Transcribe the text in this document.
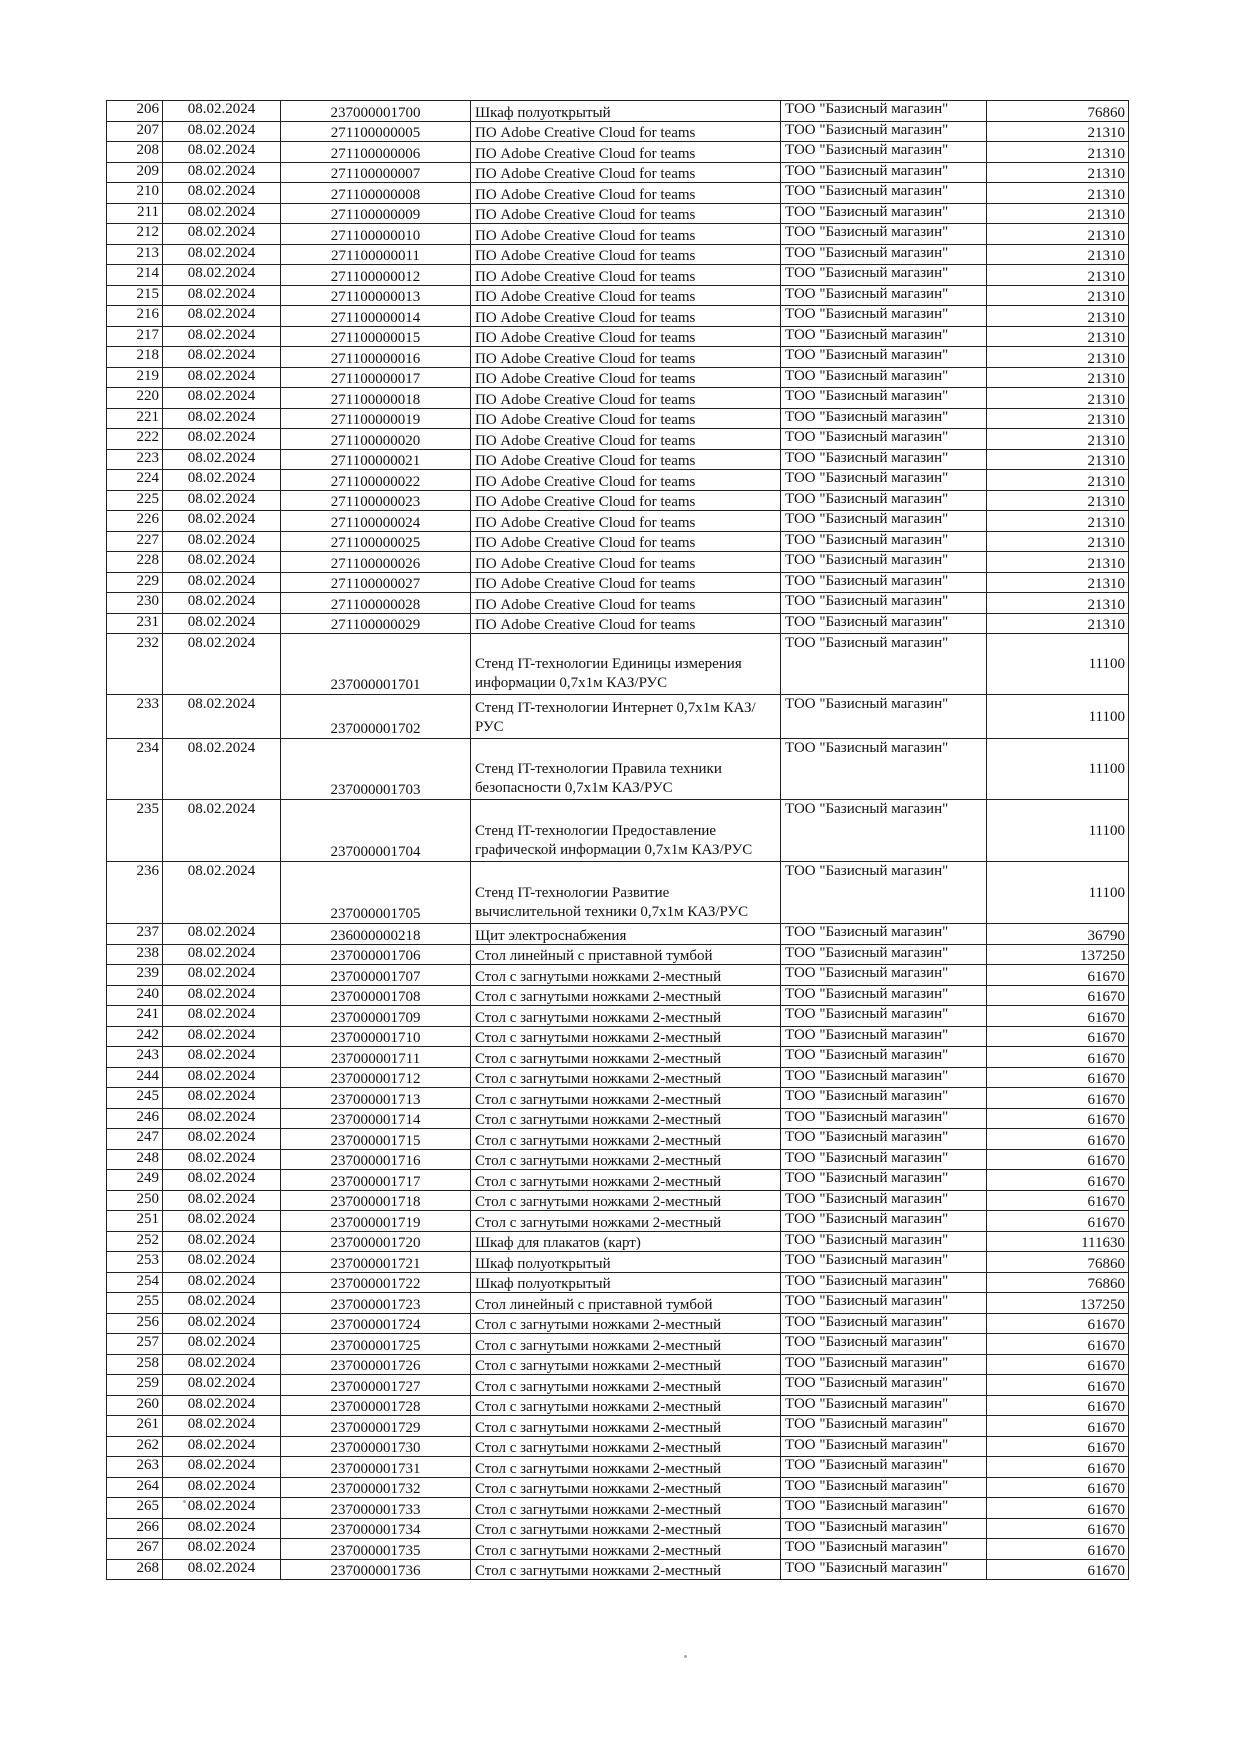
206	08.02.2024	237000001700	Шкаф полуоткрытый	ТОО "Базисный магазин"	76860
207	08.02.2024	271100000005	ПО Adobe Creative Cloud for teams	ТОО "Базисный магазин"	21310
208	08.02.2024	271100000006	ПО Adobe Creative Cloud for teams	ТОО "Базисный магазин"	21310
209	08.02.2024	271100000007	ПО Adobe Creative Cloud for teams	ТОО "Базисный магазин"	21310
210	08.02.2024	271100000008	ПО Adobe Creative Cloud for teams	ТОО "Базисный магазин"	21310
211	08.02.2024	271100000009	ПО Adobe Creative Cloud for teams	ТОО "Базисный магазин"	21310
212	08.02.2024	271100000010	ПО Adobe Creative Cloud for teams	ТОО "Базисный магазин"	21310
213	08.02.2024	271100000011	ПО Adobe Creative Cloud for teams	ТОО "Базисный магазин"	21310
214	08.02.2024	271100000012	ПО Adobe Creative Cloud for teams	ТОО "Базисный магазин"	21310
215	08.02.2024	271100000013	ПО Adobe Creative Cloud for teams	ТОО "Базисный магазин"	21310
216	08.02.2024	271100000014	ПО Adobe Creative Cloud for teams	ТОО "Базисный магазин"	21310
217	08.02.2024	271100000015	ПО Adobe Creative Cloud for teams	ТОО "Базисный магазин"	21310
218	08.02.2024	271100000016	ПО Adobe Creative Cloud for teams	ТОО "Базисный магазин"	21310
219	08.02.2024	271100000017	ПО Adobe Creative Cloud for teams	ТОО "Базисный магазин"	21310
220	08.02.2024	271100000018	ПО Adobe Creative Cloud for teams	ТОО "Базисный магазин"	21310
221	08.02.2024	271100000019	ПО Adobe Creative Cloud for teams	ТОО "Базисный магазин"	21310
222	08.02.2024	271100000020	ПО Adobe Creative Cloud for teams	ТОО "Базисный магазин"	21310
223	08.02.2024	271100000021	ПО Adobe Creative Cloud for teams	ТОО "Базисный магазин"	21310
224	08.02.2024	271100000022	ПО Adobe Creative Cloud for teams	ТОО "Базисный магазин"	21310
225	08.02.2024	271100000023	ПО Adobe Creative Cloud for teams	ТОО "Базисный магазин"	21310
226	08.02.2024	271100000024	ПО Adobe Creative Cloud for teams	ТОО "Базисный магазин"	21310
227	08.02.2024	271100000025	ПО Adobe Creative Cloud for teams	ТОО "Базисный магазин"	21310
228	08.02.2024	271100000026	ПО Adobe Creative Cloud for teams	ТОО "Базисный магазин"	21310
229	08.02.2024	271100000027	ПО Adobe Creative Cloud for teams	ТОО "Базисный магазин"	21310
230	08.02.2024	271100000028	ПО Adobe Creative Cloud for teams	ТОО "Базисный магазин"	21310
231	08.02.2024	271100000029	ПО Adobe Creative Cloud for teams	ТОО "Базисный магазин"	21310
232	08.02.2024	237000001701	Стенд IT-технологии Единицы измерения информации 0,7х1м КАЗ/РУС	ТОО "Базисный магазин"	11100
233	08.02.2024	237000001702	Стенд IT-технологии Интернет 0,7х1м КАЗ/РУС	ТОО "Базисный магазин"	11100
234	08.02.2024	237000001703	Стенд IT-технологии Правила техники безопасности 0,7х1м КАЗ/РУС	ТОО "Базисный магазин"	11100
235	08.02.2024	237000001704	Стенд IT-технологии Предоставление графической информации 0,7х1м КАЗ/РУС	ТОО "Базисный магазин"	11100
236	08.02.2024	237000001705	Стенд IT-технологии Развитие вычислительной техники 0,7х1м КАЗ/РУС	ТОО "Базисный магазин"	11100
237	08.02.2024	236000000218	Щит электроснабжения	ТОО "Базисный магазин"	36790
238	08.02.2024	237000001706	Стол линейный с приставной тумбой	ТОО "Базисный магазин"	137250
239	08.02.2024	237000001707	Стол с загнутыми ножками 2-местный	ТОО "Базисный магазин"	61670
240	08.02.2024	237000001708	Стол с загнутыми ножками 2-местный	ТОО "Базисный магазин"	61670
241	08.02.2024	237000001709	Стол с загнутыми ножками 2-местный	ТОО "Базисный магазин"	61670
242	08.02.2024	237000001710	Стол с загнутыми ножками 2-местный	ТОО "Базисный магазин"	61670
243	08.02.2024	237000001711	Стол с загнутыми ножками 2-местный	ТОО "Базисный магазин"	61670
244	08.02.2024	237000001712	Стол с загнутыми ножками 2-местный	ТОО "Базисный магазин"	61670
245	08.02.2024	237000001713	Стол с загнутыми ножками 2-местный	ТОО "Базисный магазин"	61670
246	08.02.2024	237000001714	Стол с загнутыми ножками 2-местный	ТОО "Базисный магазин"	61670
247	08.02.2024	237000001715	Стол с загнутыми ножками 2-местный	ТОО "Базисный магазин"	61670
248	08.02.2024	237000001716	Стол с загнутыми ножками 2-местный	ТОО "Базисный магазин"	61670
249	08.02.2024	237000001717	Стол с загнутыми ножками 2-местный	ТОО "Базисный магазин"	61670
250	08.02.2024	237000001718	Стол с загнутыми ножками 2-местный	ТОО "Базисный магазин"	61670
251	08.02.2024	237000001719	Стол с загнутыми ножками 2-местный	ТОО "Базисный магазин"	61670
252	08.02.2024	237000001720	Шкаф для плакатов (карт)	ТОО "Базисный магазин"	111630
253	08.02.2024	237000001721	Шкаф полуоткрытый	ТОО "Базисный магазин"	76860
254	08.02.2024	237000001722	Шкаф полуоткрытый	ТОО "Базисный магазин"	76860
255	08.02.2024	237000001723	Стол линейный с приставной тумбой	ТОО "Базисный магазин"	137250
256	08.02.2024	237000001724	Стол с загнутыми ножками 2-местный	ТОО "Базисный магазин"	61670
257	08.02.2024	237000001725	Стол с загнутыми ножками 2-местный	ТОО "Базисный магазин"	61670
258	08.02.2024	237000001726	Стол с загнутыми ножками 2-местный	ТОО "Базисный магазин"	61670
259	08.02.2024	237000001727	Стол с загнутыми ножками 2-местный	ТОО "Базисный магазин"	61670
260	08.02.2024	237000001728	Стол с загнутыми ножками 2-местный	ТОО "Базисный магазин"	61670
261	08.02.2024	237000001729	Стол с загнутыми ножками 2-местный	ТОО "Базисный магазин"	61670
262	08.02.2024	237000001730	Стол с загнутыми ножками 2-местный	ТОО "Базисный магазин"	61670
263	08.02.2024	237000001731	Стол с загнутыми ножками 2-местный	ТОО "Базисный магазин"	61670
264	08.02.2024	237000001732	Стол с загнутыми ножками 2-местный	ТОО "Базисный магазин"	61670
265	08.02.2024	237000001733	Стол с загнутыми ножками 2-местный	ТОО "Базисный магазин"	61670
266	08.02.2024	237000001734	Стол с загнутыми ножками 2-местный	ТОО "Базисный магазин"	61670
267	08.02.2024	237000001735	Стол с загнутыми ножками 2-местный	ТОО "Базисный магазин"	61670
268	08.02.2024	237000001736	Стол с загнутыми ножками 2-местный	ТОО "Базисный магазин"	61670
